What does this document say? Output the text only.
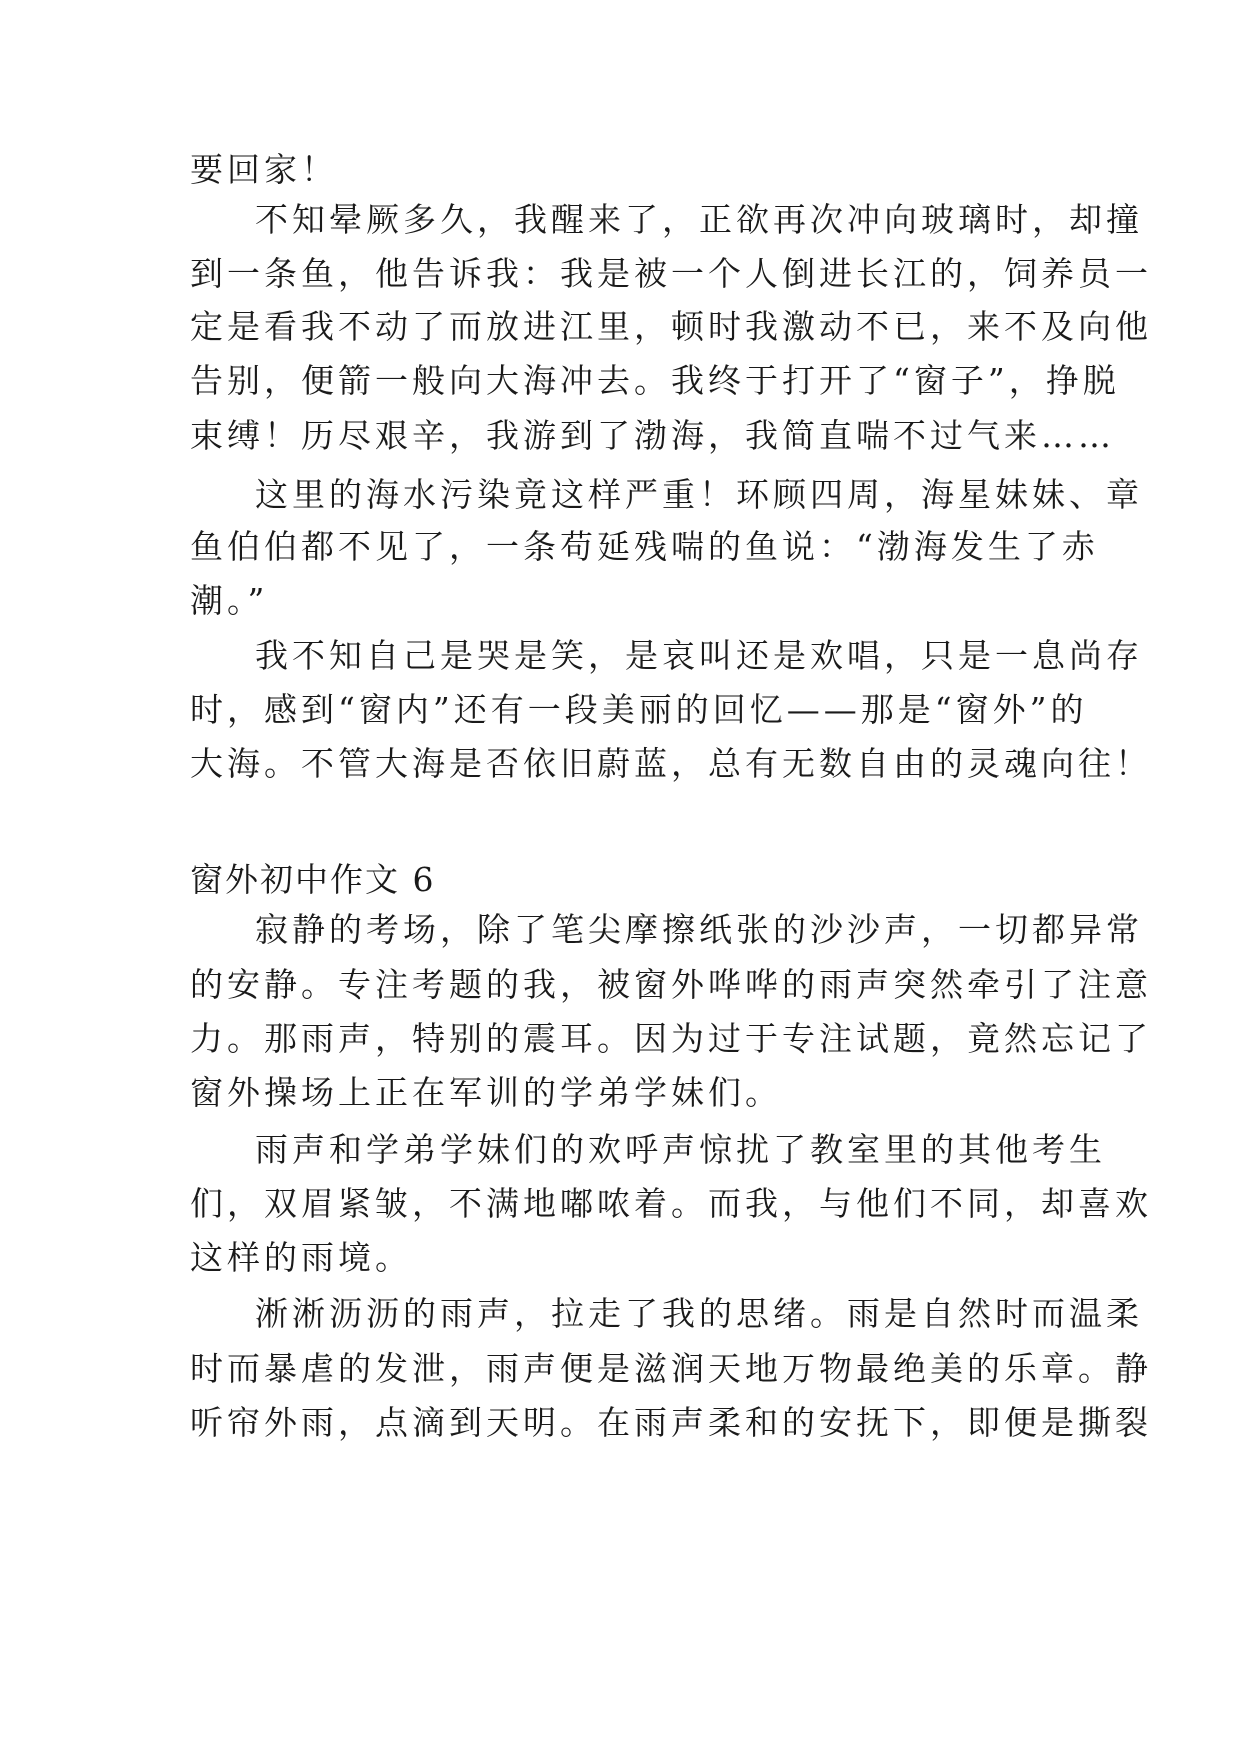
要回家！
不知晕厥多久，我醒来了，正欲再次冲向玻璃时，却撞
到一条鱼，他告诉我：我是被一个人倒进长江的，饲养员一
定是看我不动了而放进江里，顿时我激动不已，来不及向他
告别，便箭一般向大海冲去。我终于打开了“窗子”，挣脱
束缚！历尽艰辛，我游到了渤海，我简直喘不过气来……
这里的海水污染竟这样严重！环顾四周，海星妹妹、章
鱼伯伯都不见了，一条苟延残喘的鱼说：“渤海发生了赤
潮。”
我不知自己是哭是笑，是哀叫还是欢唱，只是一息尚存
时，感到“窗内”还有一段美丽的回忆——那是“窗外”的
大海。不管大海是否依旧蔚蓝，总有无数自由的灵魂向往！
窗外初中作文 6
寂静的考场，除了笔尖摩擦纸张的沙沙声，一切都异常
的安静。专注考题的我，被窗外哗哗的雨声突然牵引了注意
力。那雨声，特别的震耳。因为过于专注试题，竟然忘记了
窗外操场上正在军训的学弟学妹们。
雨声和学弟学妹们的欢呼声惊扰了教室里的其他考生
们，双眉紧皱，不满地嘟哝着。而我，与他们不同，却喜欢
这样的雨境。
淅淅沥沥的雨声，拉走了我的思绪。雨是自然时而温柔
时而暴虐的发泄，雨声便是滋润天地万物最绝美的乐章。静
听帘外雨，点滴到天明。在雨声柔和的安抚下，即便是撕裂
